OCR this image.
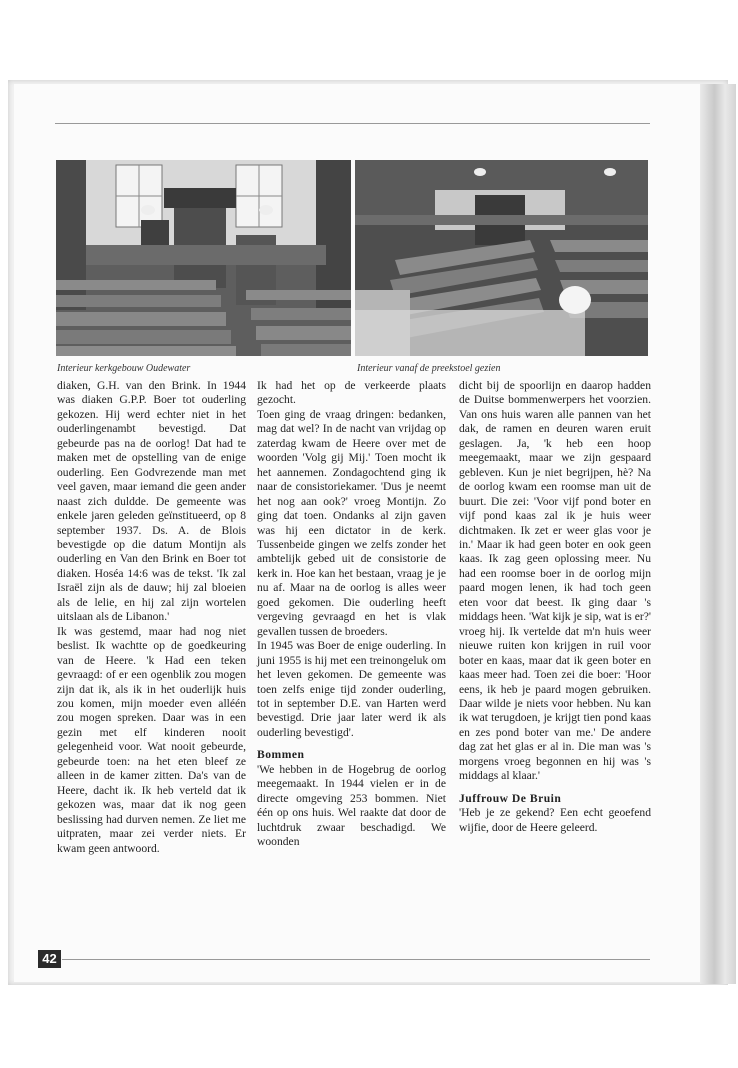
Interieur kerkgebouw Oudewater	Interieur vanaf de preekstoel gezien

diaken, G.H. van den Brink. In 1944 was diaken G.P.P. Boer tot ouderling gekozen. Hij werd echter niet in het ouderlingenambt bevestigd. Dat gebeurde pas na de oorlog! Dat had te maken met de opstelling van de enige ouderling. Een Godvrezende man met veel gaven, maar iemand die geen ander naast zich duldde. De gemeente was enkele jaren geleden geïnstitueerd, op 8 september 1937. Ds. A. de Blois bevestigde op die datum Montijn als ouderling en Van den Brink en Boer tot diaken. Hoséa 14:6 was de tekst. 'Ik zal Israël zijn als de dauw; hij zal bloeien als de lelie, en hij zal zijn wortelen uitslaan als de Libanon.'

Ik was gestemd, maar had nog niet beslist. Ik wachtte op de goedkeuring van de Heere. 'k Had een teken gevraagd: of er een ogenblik zou mogen zijn dat ik, als ik in het ouderlijk huis zou komen, mijn moeder even alléén zou mogen spreken. Daar was in een gezin met elf kinderen nooit gelegenheid voor. Wat nooit gebeurde, gebeurde toen: na het eten bleef ze alleen in de kamer zitten. Da's van de Heere, dacht ik. Ik heb verteld dat ik gekozen was, maar dat ik nog geen beslissing had durven nemen. Ze liet me uitpraten, maar zei verder niets. Er kwam geen antwoord.

Ik had het op de verkeerde plaats gezocht.

Toen ging de vraag dringen: bedanken, mag dat wel? In de nacht van vrijdag op zaterdag kwam de Heere over met de woorden 'Volg gij Mij.' Toen mocht ik het aannemen. Zondagochtend ging ik naar de consistoriekamer. 'Dus je neemt het nog aan ook?' vroeg Montijn. Zo ging dat toen. Ondanks al zijn gaven was hij een dictator in de kerk. Tussenbeide gingen we zelfs zonder het ambtelijk gebed uit de consistorie de kerk in. Hoe kan het bestaan, vraag je je nu af. Maar na de oorlog is alles weer goed gekomen. Die ouderling heeft vergeving gevraagd en het is vlak gevallen tussen de broeders.

In 1945 was Boer de enige ouderling. In juni 1955 is hij met een treinongeluk om het leven gekomen. De gemeente was toen zelfs enige tijd zonder ouderling, tot in september D.E. van Harten werd bevestigd. Drie jaar later werd ik als ouderling bevestigd'.

Bommen

'We hebben in de Hogebrug de oorlog meegemaakt. In 1944 vielen er in de directe omgeving 253 bommen. Niet één op ons huis. Wel raakte dat door de luchtdruk zwaar beschadigd. We woonden

dicht bij de spoorlijn en daarop hadden de Duitse bommenwerpers het voorzien. Van ons huis waren alle pannen van het dak, de ramen en deuren waren eruit geslagen. Ja, 'k heb een hoop meegemaakt, maar we zijn gespaard gebleven. Kun je niet begrijpen, hè? Na de oorlog kwam een roomse man uit de buurt. Die zei: 'Voor vijf pond boter en vijf pond kaas zal ik je huis weer dichtmaken. Ik zet er weer glas voor je in.' Maar ik had geen boter en ook geen kaas. Ik zag geen oplossing meer. Nu had een roomse boer in de oorlog mijn paard mogen lenen, ik had toch geen eten voor dat beest. Ik ging daar 's middags heen. 'Wat kijk je sip, wat is er?' vroeg hij. Ik vertelde dat m'n huis weer nieuwe ruiten kon krijgen in ruil voor boter en kaas, maar dat ik geen boter en kaas meer had. Toen zei die boer: 'Hoor eens, ik heb je paard mogen gebruiken. Daar wilde je niets voor hebben. Nu kan ik wat terugdoen, je krijgt tien pond kaas en zes pond boter van me.' De andere dag zat het glas er al in. Die man was 's morgens vroeg begonnen en hij was 's middags al klaar.'

Juffrouw De Bruin

'Heb je ze gekend? Een echt geoefend wijfie, door de Heere geleerd.

42
